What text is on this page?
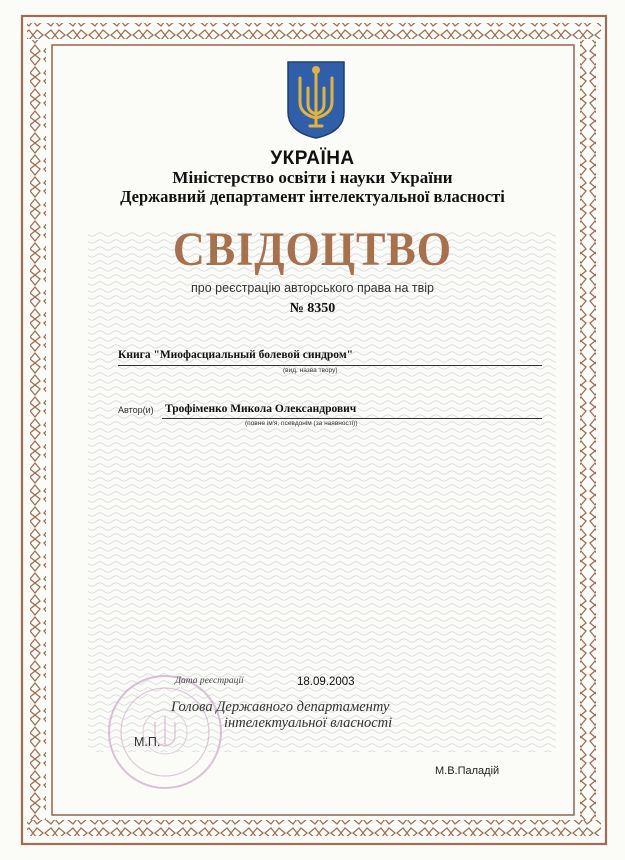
УКРАЇНА
Міністерство освіти і науки України
Державний департамент інтелектуальної власності
СВІДОЦТВО
про реєстрацію авторського права на твір
№ 8350
Книга "Миофасциальный болевой синдром"
(вид, назва твору)
Автор(и) Трофіменко Микола Олександрович
(повне ім'я, псевдонім (за наявності))
Дата реєстрації	18.09.2003
Голова Державного департаменту
інтелектуальної власності
М.П.
М.В.Паладій
